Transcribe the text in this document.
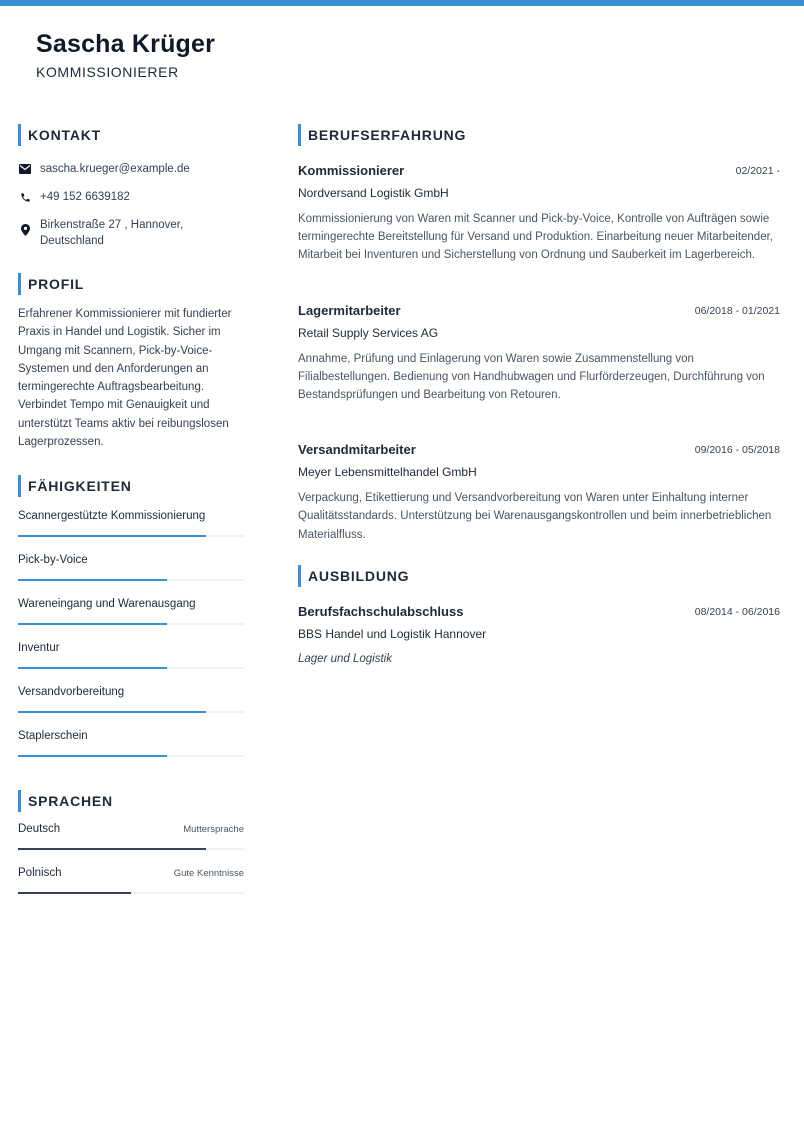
Sascha Krüger
KOMMISSIONIERER
KONTAKT
sascha.krueger@example.de
+49 152 6639182
Birkenstraße 27 , Hannover, Deutschland
PROFIL
Erfahrener Kommissionierer mit fundierter Praxis in Handel und Logistik. Sicher im Umgang mit Scannern, Pick-by-Voice-Systemen und den Anforderungen an termingerechte Auftragsbearbeitung. Verbindet Tempo mit Genauigkeit und unterstützt Teams aktiv bei reibungslosen Lagerprozessen.
FÄHIGKEITEN
Scannergestützte Kommissionierung
Pick-by-Voice
Wareneingang und Warenausgang
Inventur
Versandvorbereitung
Staplerschein
SPRACHEN
Deutsch	Muttersprache
Polnisch	Gute Kenntnisse
BERUFSERFAHRUNG
Kommissionierer	02/2021 -
Nordversand Logistik GmbH
Kommissionierung von Waren mit Scanner und Pick-by-Voice, Kontrolle von Aufträgen sowie termingerechte Bereitstellung für Versand und Produktion. Einarbeitung neuer Mitarbeitender, Mitarbeit bei Inventuren und Sicherstellung von Ordnung und Sauberkeit im Lagerbereich.
Lagermitarbeiter	06/2018 - 01/2021
Retail Supply Services AG
Annahme, Prüfung und Einlagerung von Waren sowie Zusammenstellung von Filialbestellungen. Bedienung von Handhubwagen und Flurförderzeugen, Durchführung von Bestandsprüfungen und Bearbeitung von Retouren.
Versandmitarbeiter	09/2016 - 05/2018
Meyer Lebensmittelhandel GmbH
Verpackung, Etikettierung und Versandvorbereitung von Waren unter Einhaltung interner Qualitätsstandards. Unterstützung bei Warenausgangskontrollen und beim innerbetrieblichen Materialfluss.
AUSBILDUNG
Berufsfachschulabschluss	08/2014 - 06/2016
BBS Handel und Logistik Hannover
Lager und Logistik
